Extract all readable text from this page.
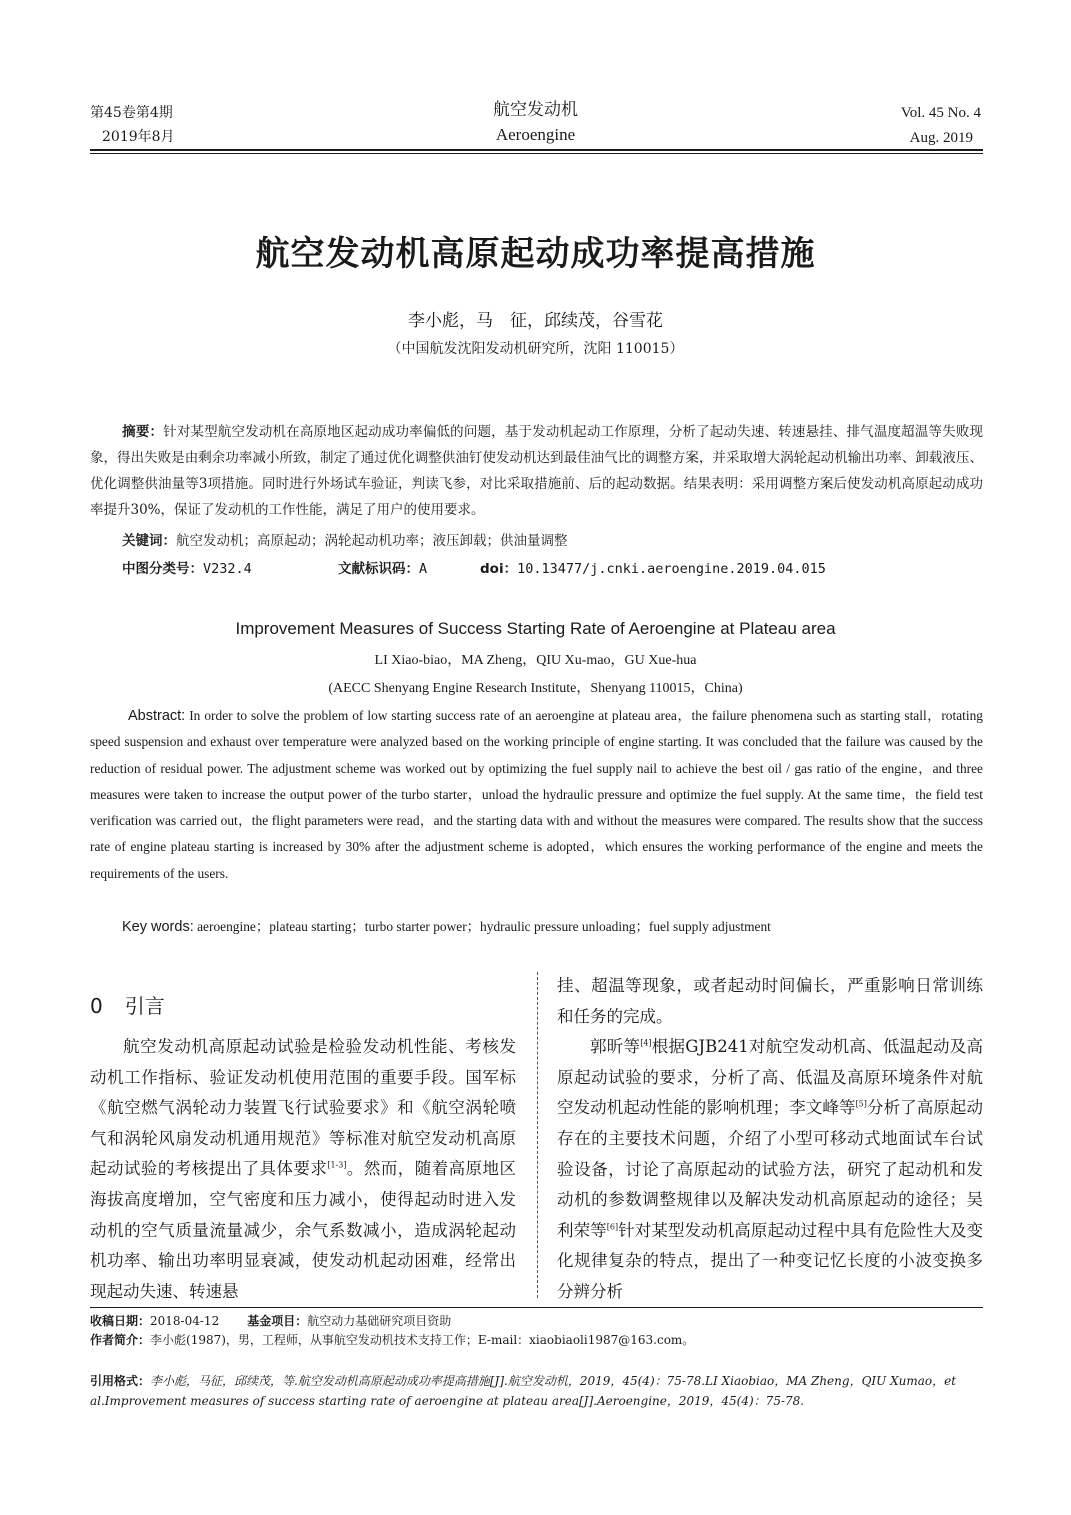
第45卷第4期
2019年8月
航空发动机
Aeroengine
Vol. 45 No. 4
Aug. 2019
航空发动机高原起动成功率提高措施
李小彪，马　征，邱续茂，谷雪花
（中国航发沈阳发动机研究所，沈阳 110015）
摘要：针对某型航空发动机在高原地区起动成功率偏低的问题，基于发动机起动工作原理，分析了起动失速、转速悬挂、排气温度超温等失败现象，得出失败是由剩余功率减小所致，制定了通过优化调整供油钉使发动机达到最佳油气比的调整方案，并采取增大涡轮起动机输出功率、卸载液压、优化调整供油量等3项措施。同时进行外场试车验证，判读飞参，对比采取措施前、后的起动数据。结果表明：采用调整方案后使发动机高原起动成功率提升30%，保证了发动机的工作性能，满足了用户的使用要求。
关键词：航空发动机；高原起动；涡轮起动机功率；液压卸载；供油量调整
中图分类号：V232.4	文献标识码：A	doi：10.13477/j.cnki.aeroengine.2019.04.015
Improvement Measures of Success Starting Rate of Aeroengine at Plateau area
LI Xiao-biao，MA Zheng，QIU Xu-mao，GU Xue-hua
(AECC Shenyang Engine Research Institute，Shenyang 110015，China)
Abstract: In order to solve the problem of low starting success rate of an aeroengine at plateau area，the failure phenomena such as starting stall，rotating speed suspension and exhaust over temperature were analyzed based on the working principle of engine starting. It was concluded that the failure was caused by the reduction of residual power. The adjustment scheme was worked out by optimizing the fuel supply nail to achieve the best oil / gas ratio of the engine，and three measures were taken to increase the output power of the turbo starter，unload the hydraulic pressure and optimize the fuel supply. At the same time，the field test verification was carried out，the flight parameters were read，and the starting data with and without the measures were compared. The results show that the success rate of engine plateau starting is increased by 30% after the adjustment scheme is adopted，which ensures the working performance of the engine and meets the requirements of the users.
Key words: aeroengine；plateau starting；turbo starter power；hydraulic pressure unloading；fuel supply adjustment
0 引言

航空发动机高原起动试验是检验发动机性能、考核发动机工作指标、验证发动机使用范围的重要手段。国军标《航空燃气涡轮动力装置飞行试验要求》和《航空涡轮喷气和涡轮风扇发动机通用规范》等标准对航空发动机高原起动试验的考核提出了具体要求[1-3]。然而，随着高原地区海拔高度增加，空气密度和压力减小，使得起动时进入发动机的空气质量流量减少，余气系数减小，造成涡轮起动机功率、输出功率明显衰减，使发动机起动困难，经常出现起动失速、转速悬

挂、超温等现象，或者起动时间偏长，严重影响日常训练和任务的完成。

郭昕等[4]根据GJB241对航空发动机高、低温起动及高原起动试验的要求，分析了高、低温及高原环境条件对航空发动机起动性能的影响机理；李文峰等[5]分析了高原起动存在的主要技术问题，介绍了小型可移动式地面试车台试验设备，讨论了高原起动的试验方法，研究了起动机和发动机的参数调整规律以及解决发动机高原起动的途径；吴利荣等[6]针对某型发动机高原起动过程中具有危险性大及变化规律复杂的特点，提出了一种变记忆长度的小波变换多分辨分析

收稿日期：2018-04-12 基金项目：航空动力基础研究项目资助
作者简介：李小彪(1987)，男，工程师，从事航空发动机技术支持工作；E-mail：xiaobiaoli1987@163.com。
引用格式：李小彪，马征，邱续茂，等.航空发动机高原起动成功率提高措施[J].航空发动机，2019，45(4)：75-78.LI Xiaobiao，MA Zheng，QIU Xumao，et al.Improvement measures of success starting rate of aeroengine at plateau area[J].Aeroengine，2019，45(4)：75-78.
